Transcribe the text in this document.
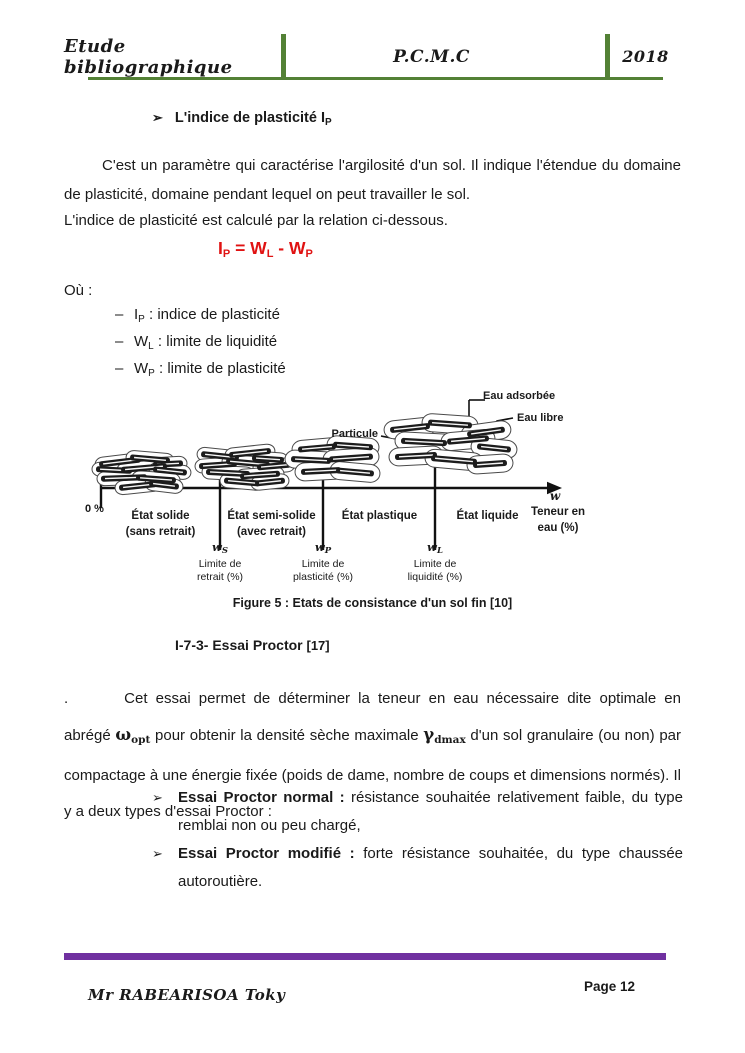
Etude bibliographique	P.C.M.C	2018
➢ L'indice de plasticité $I_P$

C'est un paramètre qui caractérise l'argilosité d'un sol. Il indique l'étendue du domaine de plasticité, domaine pendant lequel on peut travailler le sol.

L'indice de plasticité est calculé par la relation ci-dessous.

$I_P = W_L - W_P$
Où :
– $I_P$ : indice de plasticité
– $W_L$ : limite de liquidité
– $W_P$ : limite de plasticité
Eau adsorbée
Eau libre
Particule
0 %
w
Teneur en
eau (%)
État solide
(sans retrait)
État semi-solide
(avec retrait)
État plastique	État liquide
$w_S$
Limite de
retrait (%)
$w_P$
Limite de
plasticité (%)
$w_L$
Limite de
liquidité (%)
Figure 5 : Etats de consistance d'un sol fin [10]
I-7-3- Essai Proctor [17]

.	Cet essai permet de déterminer la teneur en eau nécessaire dite optimale en abrégé $\omega_{opt}$ pour obtenir la densité sèche maximale $\gamma_{dmax}$ d'un sol granulaire (ou non) par compactage à une énergie fixée (poids de dame, nombre de coups et dimensions normés). Il y a deux types d'essai Proctor :

➢	Essai Proctor normal : résistance souhaitée relativement faible, du type remblai non ou peu chargé,
➢	Essai Proctor modifié : forte résistance souhaitée, du type chaussée autoroutière.
Page 12
Mr RABEARISOA Toky
